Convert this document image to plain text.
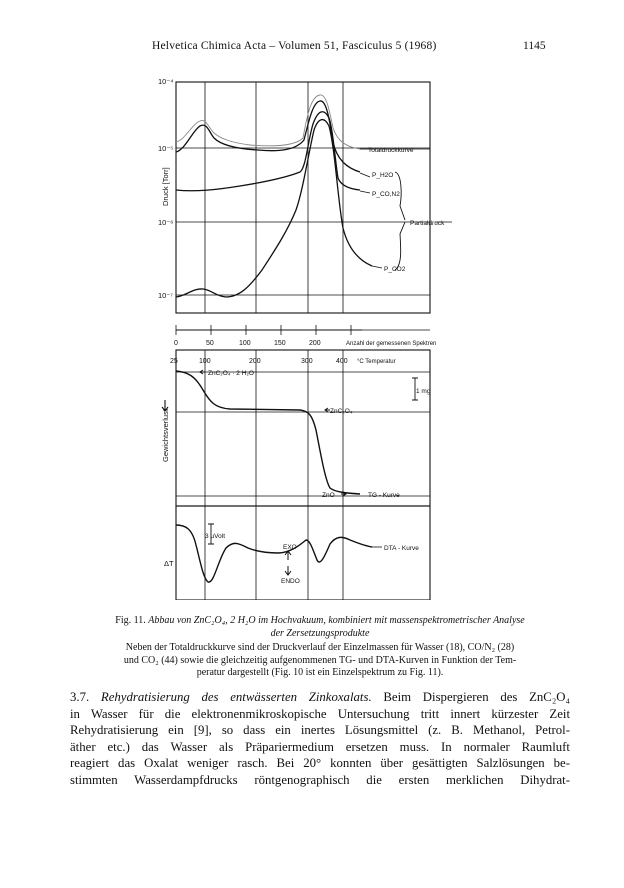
Helvetica Chimica Acta – Volumen 51, Fasciculus 5 (1968)	1145
10⁻⁴
10⁻⁵
10⁻⁶
10⁻⁷
Druck [Torr]
Totaldruckkurve
P_H2O
P_CO,N2
Partialdruck
P_CO2
0	50	100	150	200	Anzahl der gemessenen Spektren
25	100	200	300	400 °C Temperatur
Gewichtsverlust
ZnC₂O₄ · 2 H₂O
ZnC₂O₄
1 mg
ZnO	TG - Kurve
ΔT
3 µVolt
EXO
ENDO
DTA - Kurve
Fig. 11. Abbau von ZnC₂O₄, 2 H₂O im Hochvakuum, kombiniert mit massenspektrometrischer Analyse
der Zersetzungsprodukte
Neben der Totaldruckkurve sind der Druckverlauf der Einzelmassen für Wasser (18), CO/N₂ (28)
und CO₂ (44) sowie die gleichzeitig aufgenommenen TG- und DTA-Kurven in Funktion der Tem-
peratur dargestellt (Fig. 10 ist ein Einzelspektrum zu Fig. 11).
3.7. Rehydratisierung des entwässerten Zinkoxalats. Beim Dispergieren des ZnC₂O₄
in Wasser für die elektronenmikroskopische Untersuchung tritt innert kürzester Zeit
Rehydratisierung ein [9], so dass ein inertes Lösungsmittel (z. B. Methanol, Petrol-
äther etc.) das Wasser als Präpariermedium ersetzen muss. In normaler Raumluft
reagiert das Oxalat weniger rasch. Bei 20° konnten über gesättigten Salzlösungen be-
stimmten Wasserdampfdrucks röntgenographisch die ersten merklichen Dihydrat-
